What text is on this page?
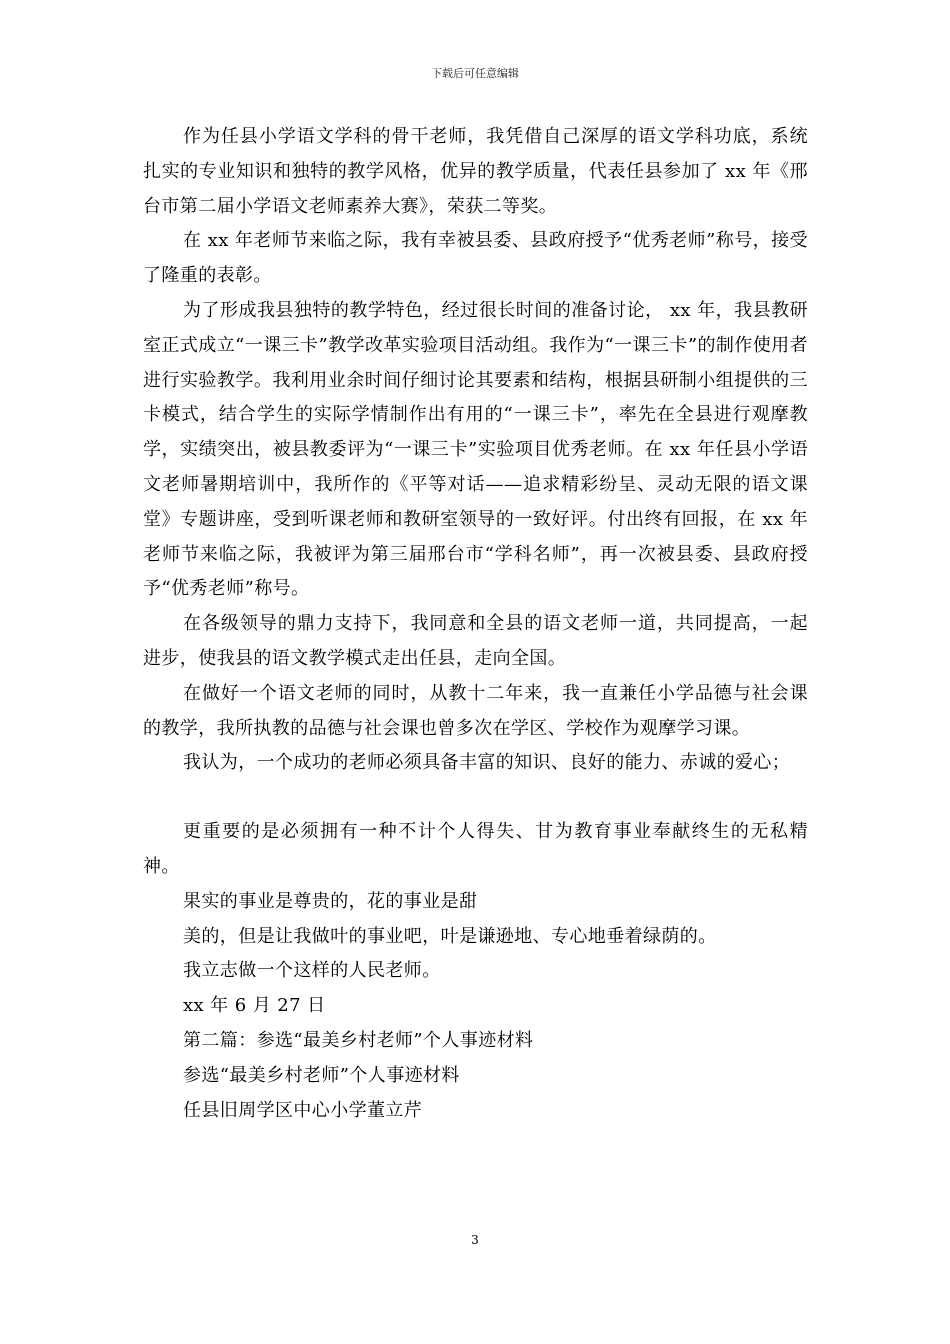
下载后可任意编辑

作为任县小学语文学科的骨干老师，我凭借自己深厚的语文学科功底，系统扎实的专业知识和独特的教学风格，优异的教学质量，代表任县参加了 xx 年《邢台市第二届小学语文老师素养大赛》，荣获二等奖。

在 xx 年老师节来临之际，我有幸被县委、县政府授予“优秀老师”称号，接受了隆重的表彰。

为了形成我县独特的教学特色，经过很长时间的准备讨论， xx 年，我县教研室正式成立“一课三卡”教学改革实验项目活动组。我作为“一课三卡”的制作使用者进行实验教学。我利用业余时间仔细讨论其要素和结构，根据县研制小组提供的三卡模式，结合学生的实际学情制作出有用的“一课三卡”，率先在全县进行观摩教学，实绩突出，被县教委评为“一课三卡”实验项目优秀老师。在 xx 年任县小学语文老师暑期培训中，我所作的《平等对话——追求精彩纷呈、灵动无限的语文课堂》专题讲座，受到听课老师和教研室领导的一致好评。付出终有回报，在 xx 年老师节来临之际，我被评为第三届邢台市“学科名师”，再一次被县委、县政府授予“优秀老师”称号。

在各级领导的鼎力支持下，我同意和全县的语文老师一道，共同提高，一起进步，使我县的语文教学模式走出任县，走向全国。

在做好一个语文老师的同时，从教十二年来，我一直兼任小学品德与社会课的教学，我所执教的品德与社会课也曾多次在学区、学校作为观摩学习课。

我认为，一个成功的老师必须具备丰富的知识、良好的能力、赤诚的爱心；

更重要的是必须拥有一种不计个人得失、甘为教育事业奉献终生的无私精神。

果实的事业是尊贵的，花的事业是甜

美的，但是让我做叶的事业吧，叶是谦逊地、专心地垂着绿荫的。

我立志做一个这样的人民老师。

xx 年 6 月 27 日

第二篇：参选“最美乡村老师”个人事迹材料

参选“最美乡村老师”个人事迹材料

任县旧周学区中心小学董立芹

3
